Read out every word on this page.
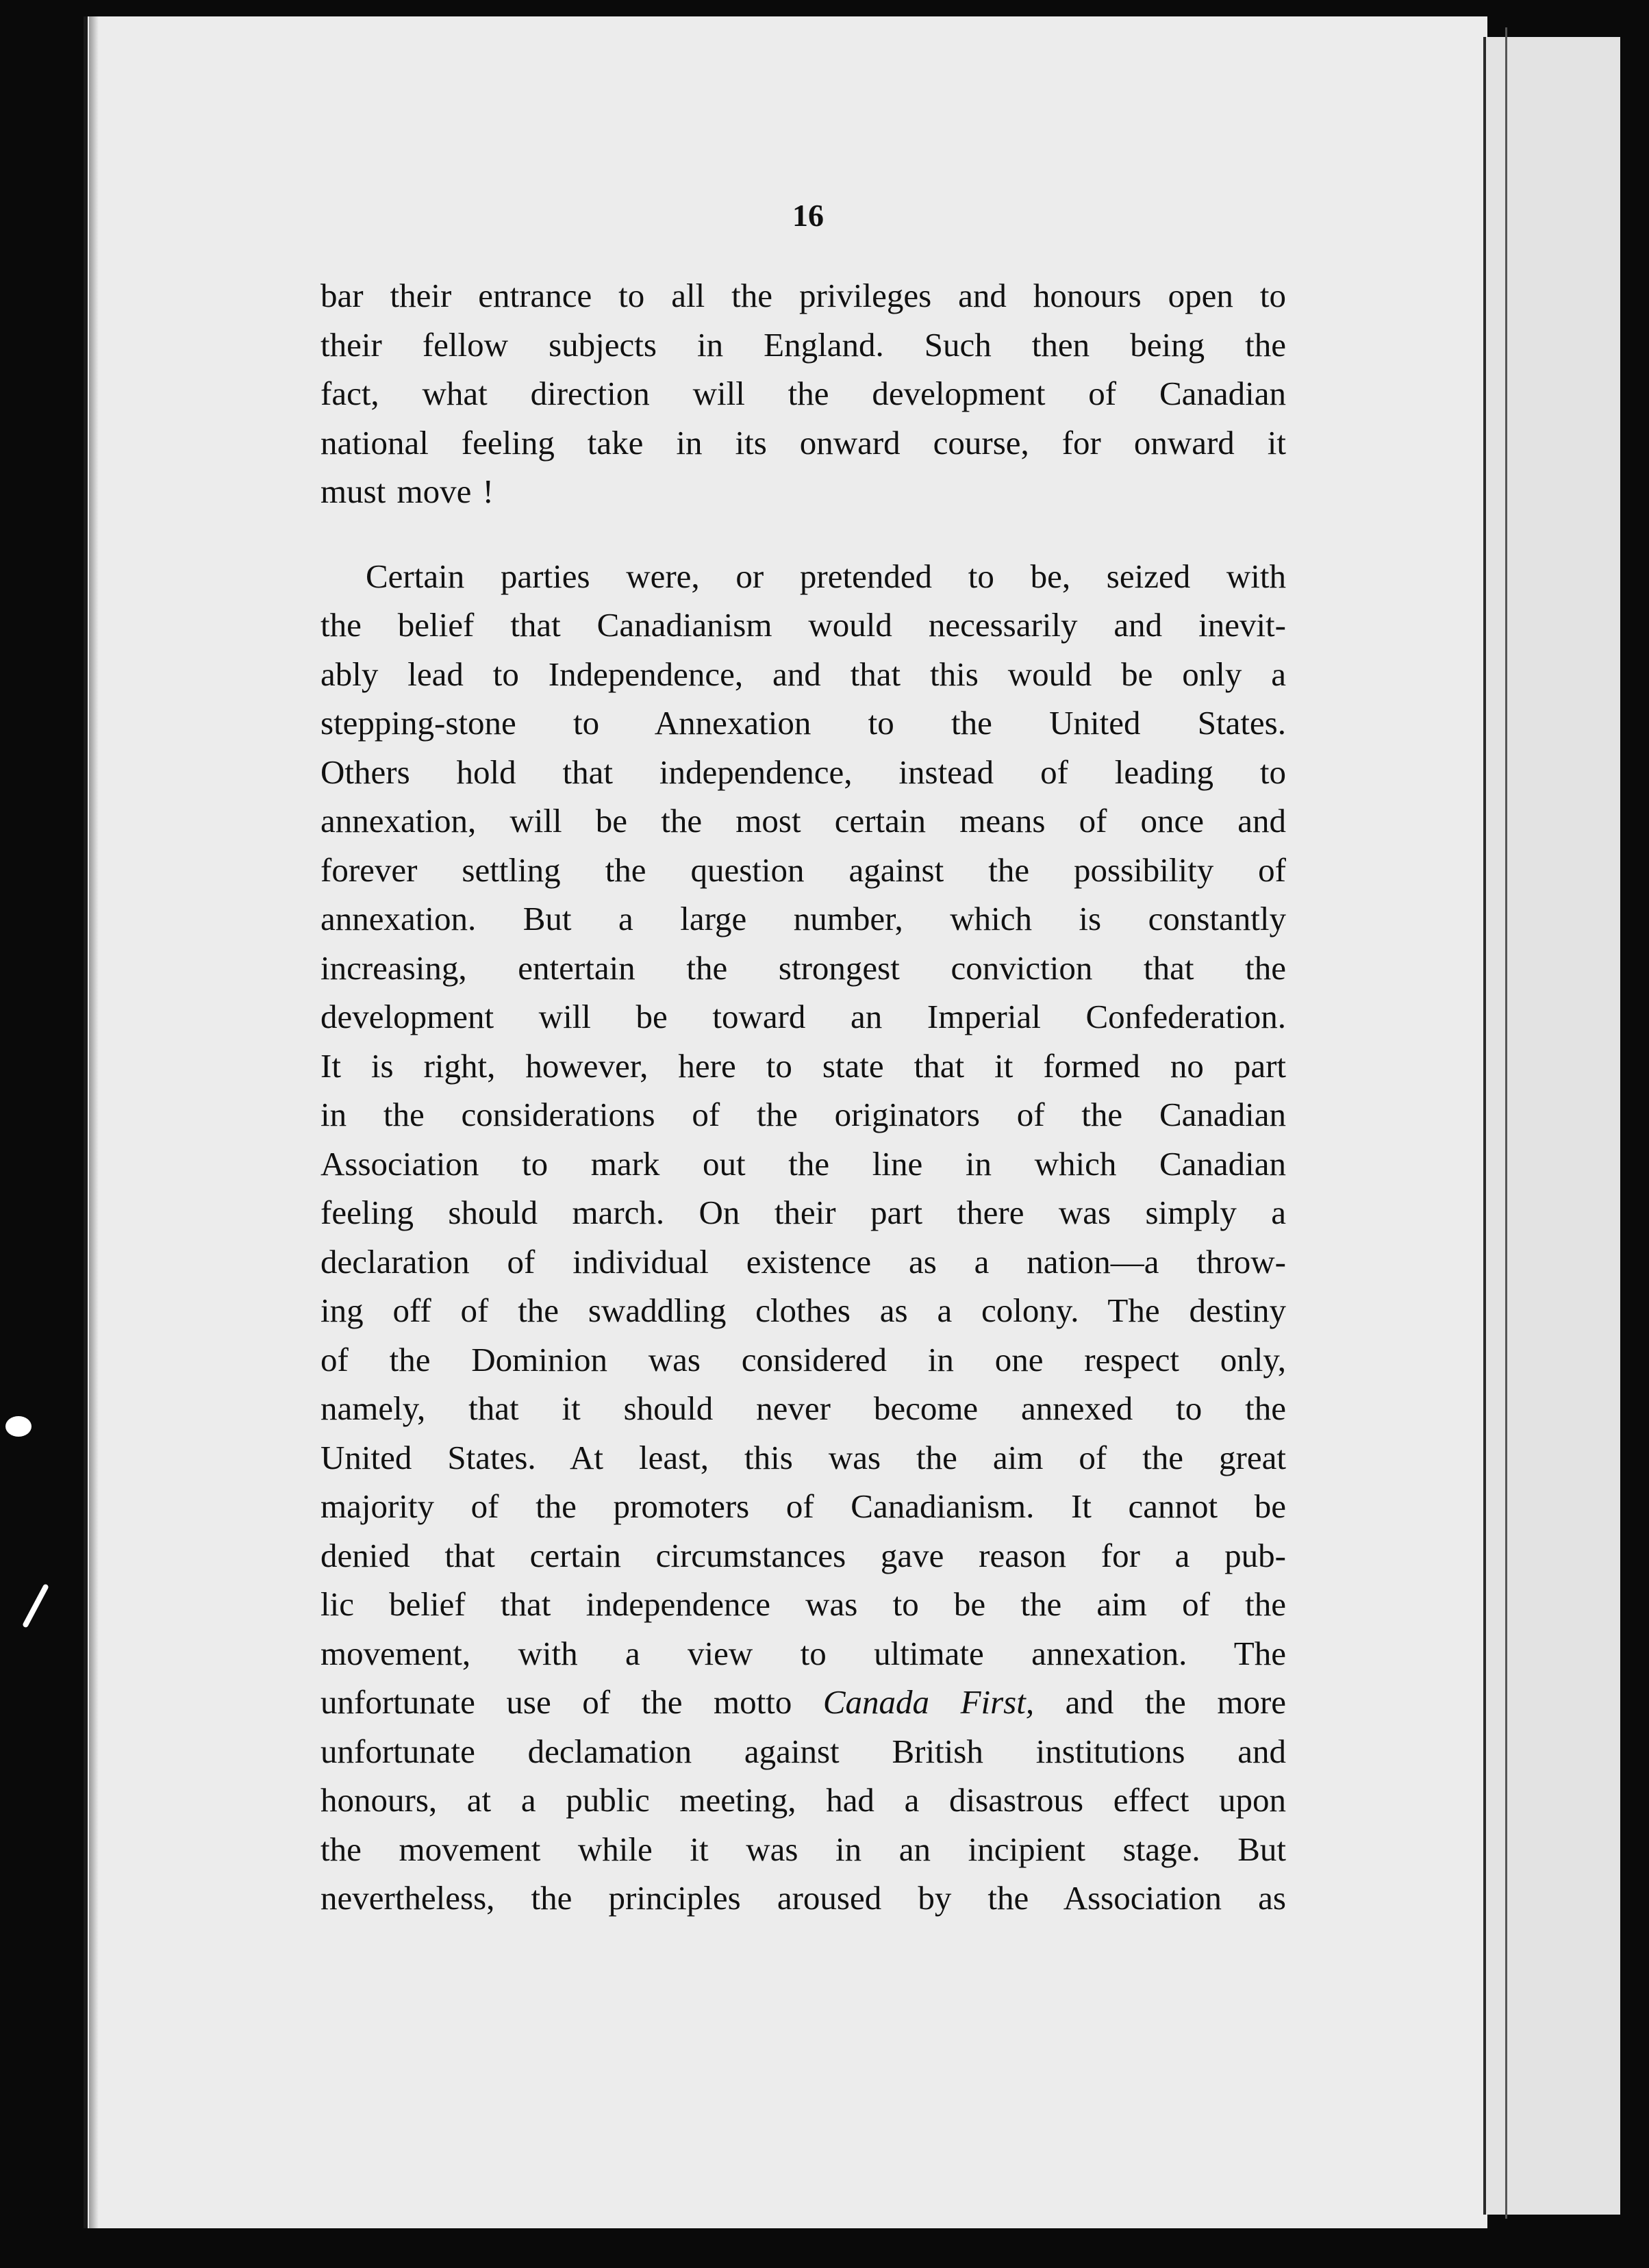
16

bar their entrance to all the privileges and honours open to
their fellow subjects in England. Such then being the
fact, what direction will the development of Canadian
national feeling take in its onward course, for onward it
must move !

Certain parties were, or pretended to be, seized with
the belief that Canadianism would necessarily and inevit-
ably lead to Independence, and that this would be only a
stepping-stone to Annexation to the United States.
Others hold that independence, instead of leading to
annexation, will be the most certain means of once and
forever settling the question against the possibility of
annexation. But a large number, which is constantly
increasing, entertain the strongest conviction that the
development will be toward an Imperial Confederation.
It is right, however, here to state that it formed no part
in the considerations of the originators of the Canadian
Association to mark out the line in which Canadian
feeling should march. On their part there was simply a
declaration of individual existence as a nation—a throw-
ing off of the swaddling clothes as a colony. The destiny
of the Dominion was considered in one respect only,
namely, that it should never become annexed to the
United States. At least, this was the aim of the great
majority of the promoters of Canadianism. It cannot be
denied that certain circumstances gave reason for a pub-
lic belief that independence was to be the aim of the
movement, with a view to ultimate annexation. The
unfortunate use of the motto Canada First, and the more
unfortunate declamation against British institutions and
honours, at a public meeting, had a disastrous effect upon
the movement while it was in an incipient stage. But
nevertheless, the principles aroused by the Association as
